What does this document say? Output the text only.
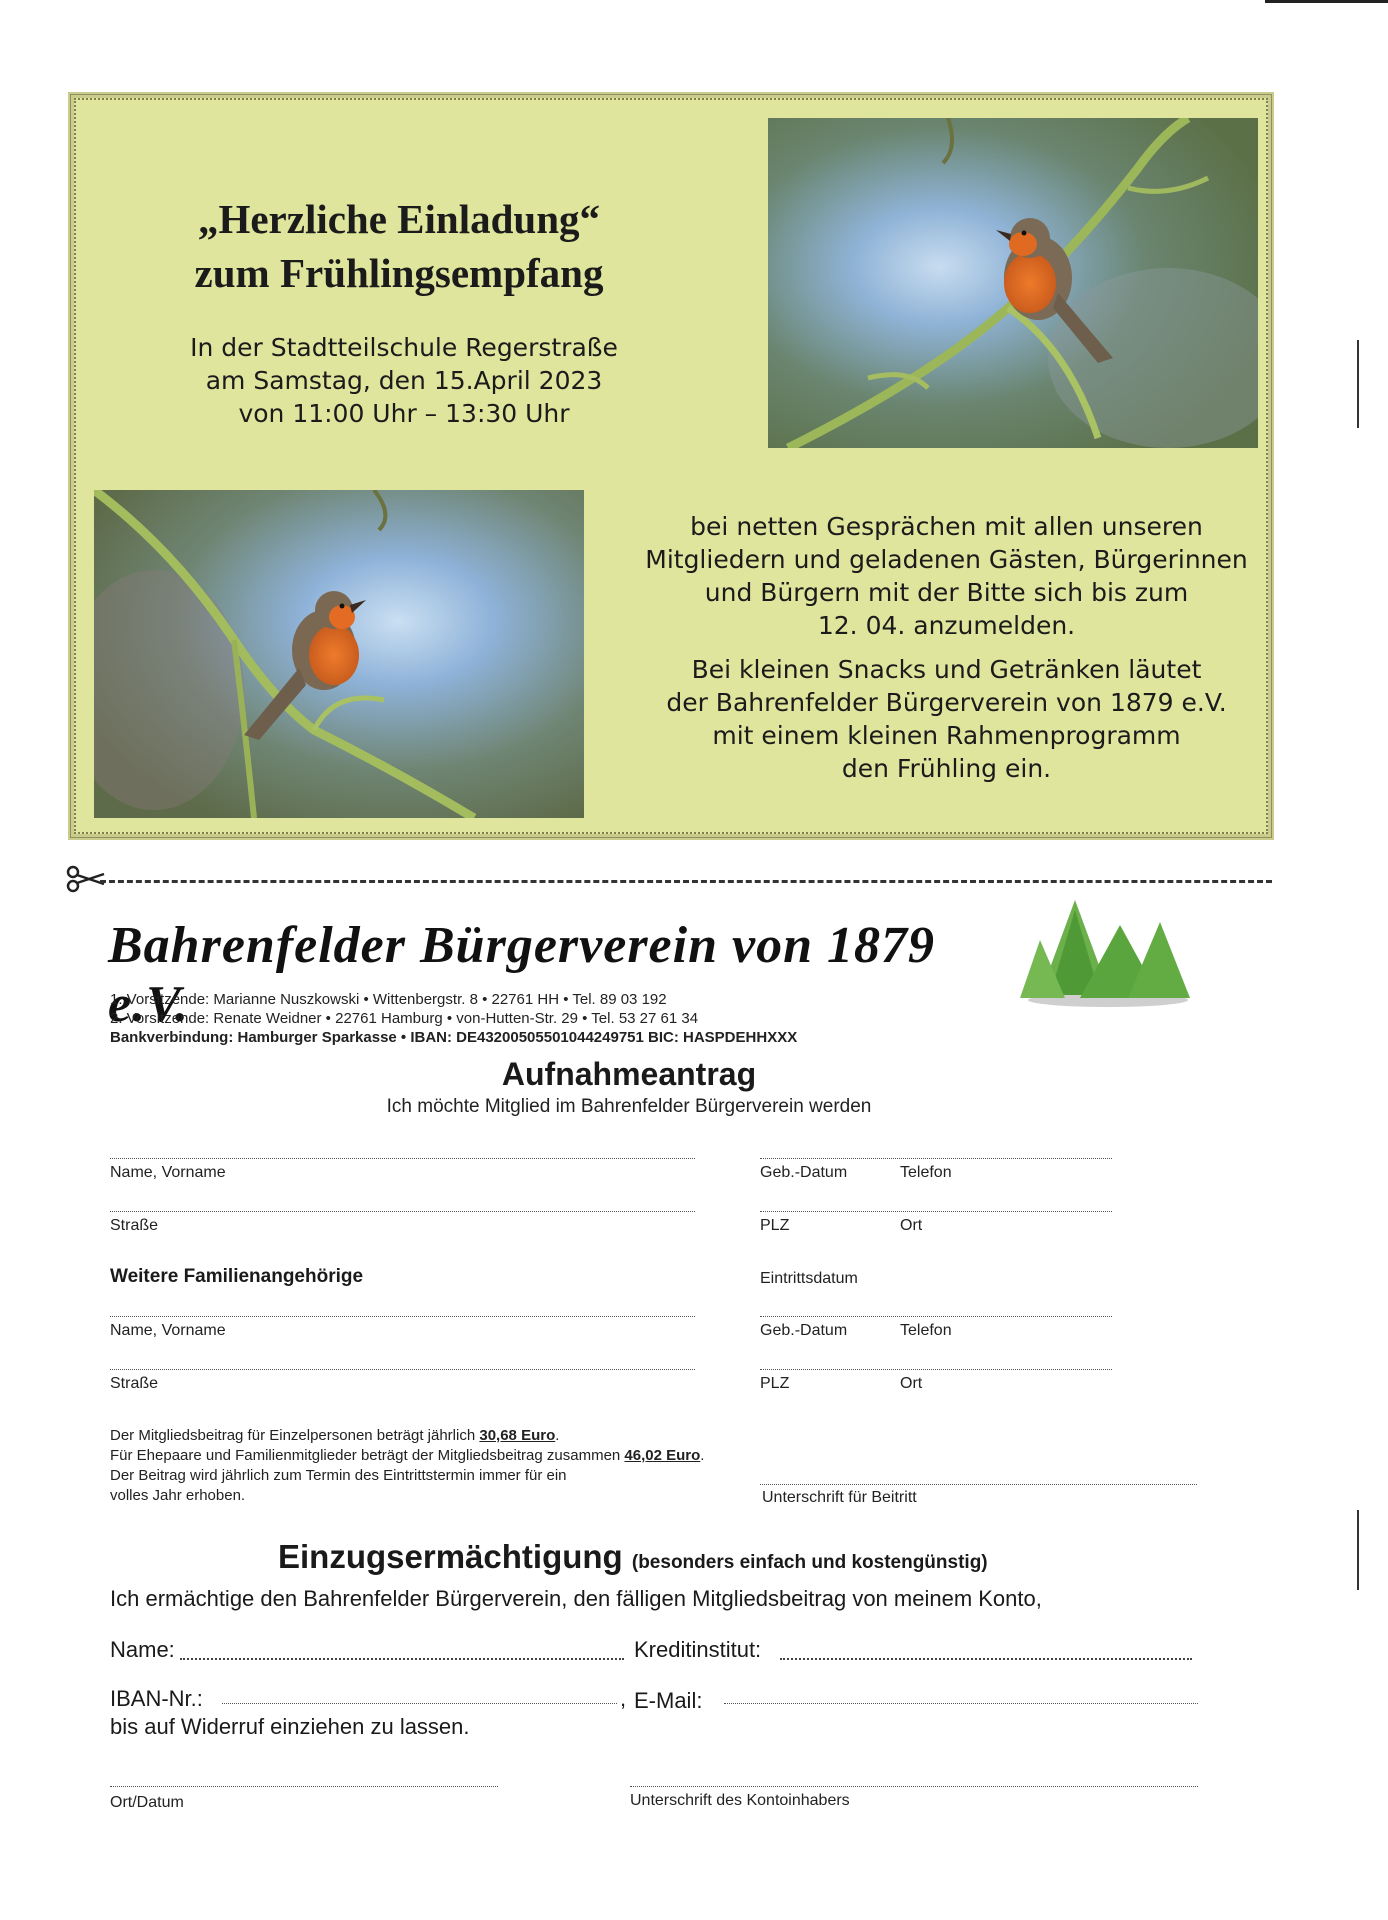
„Herzliche Einladung“
zum Frühlingsempfang
In der Stadtteilschule Regerstraße
am Samstag, den 15.April 2023
von 11:00 Uhr – 13:30 Uhr

bei netten Gesprächen mit allen unseren
Mitgliedern und geladenen Gästen, Bürgerinnen
und Bürgern mit der Bitte sich bis zum
12. 04. anzumelden.

Bei kleinen Snacks und Getränken läutet
der Bahrenfelder Bürgerverein von 1879 e.V.
mit einem kleinen Rahmenprogramm
den Frühling ein.

Bahrenfelder Bürgerverein von 1879 e.V.
1. Vorsitzende: Marianne Nuszkowski • Wittenbergstr. 8 • 22761 HH • Tel. 89 03 192
2. Vorsitzende: Renate Weidner • 22761 Hamburg • von-Hutten-Str. 29 • Tel. 53 27 61 34
Bankverbindung: Hamburger Sparkasse • IBAN: DE43200505501044249751 BIC: HASPDEHHXXX
Aufnahmeantrag
Ich möchte Mitglied im Bahrenfelder Bürgerverein werden
Name, Vorname	Geb.-Datum	Telefon
Straße	PLZ	Ort
Weitere Familienangehörige	Eintrittsdatum
Name, Vorname	Geb.-Datum	Telefon
Straße	PLZ	Ort
Der Mitgliedsbeitrag für Einzelpersonen beträgt jährlich 30,68 Euro.
Für Ehepaare und Familienmitglieder beträgt der Mitgliedsbeitrag zusammen 46,02 Euro.
Der Beitrag wird jährlich zum Termin des Eintrittstermin immer für ein
volles Jahr erhoben.	Unterschrift für Beitritt
Einzugsermächtigung (besonders einfach und kostengünstig)
Ich ermächtige den Bahrenfelder Bürgerverein, den fälligen Mitgliedsbeitrag von meinem Konto,
Name:	Kreditinstitut:
IBAN-Nr.:	, E-Mail:
bis auf Widerruf einziehen zu lassen.
Ort/Datum	Unterschrift des Kontoinhabers
